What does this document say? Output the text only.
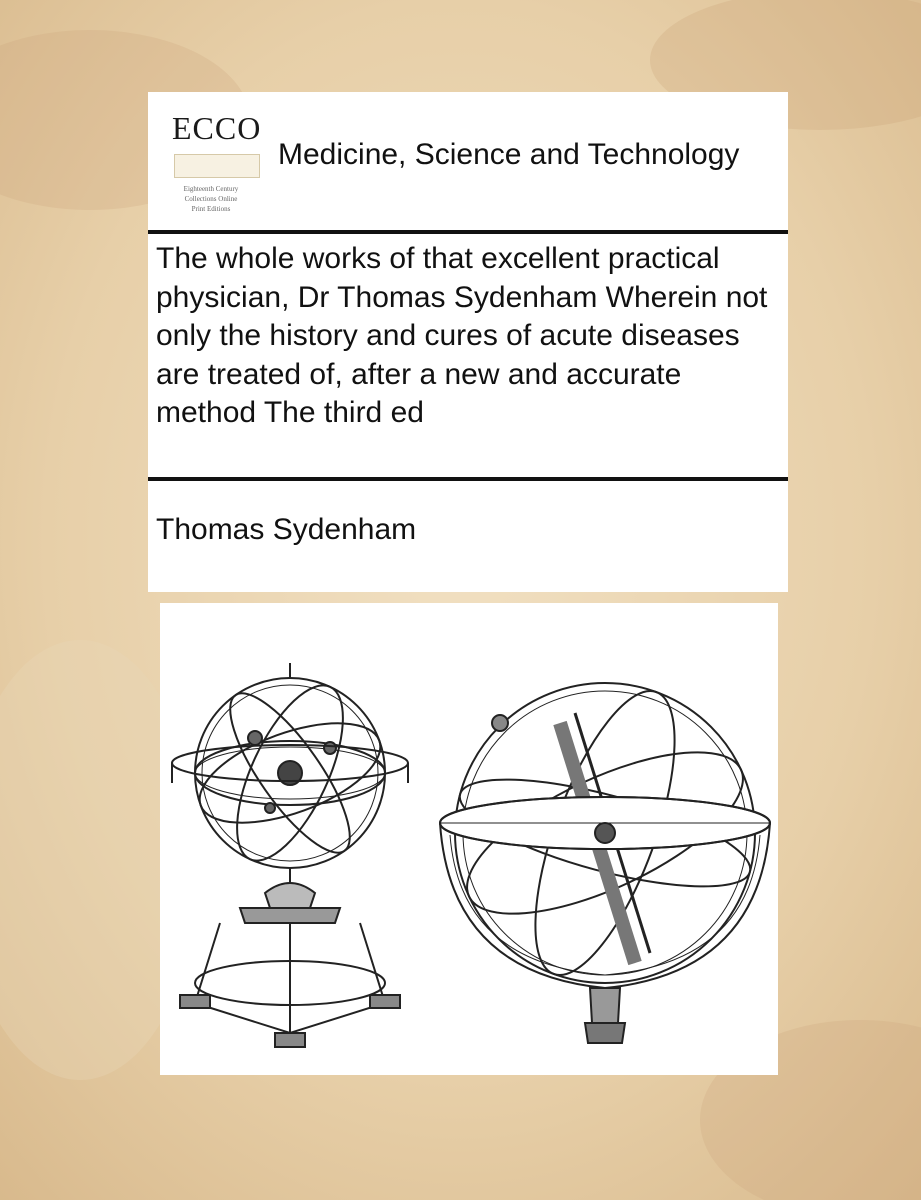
ECCO
Eighteenth Century
Collections Online
Print Editions
Medicine, Science and Technology
The whole works of that excellent practical physician, Dr Thomas Sydenham Wherein not only the history and cures of acute diseases are treated of, after a new and accurate method The third ed
Thomas Sydenham
